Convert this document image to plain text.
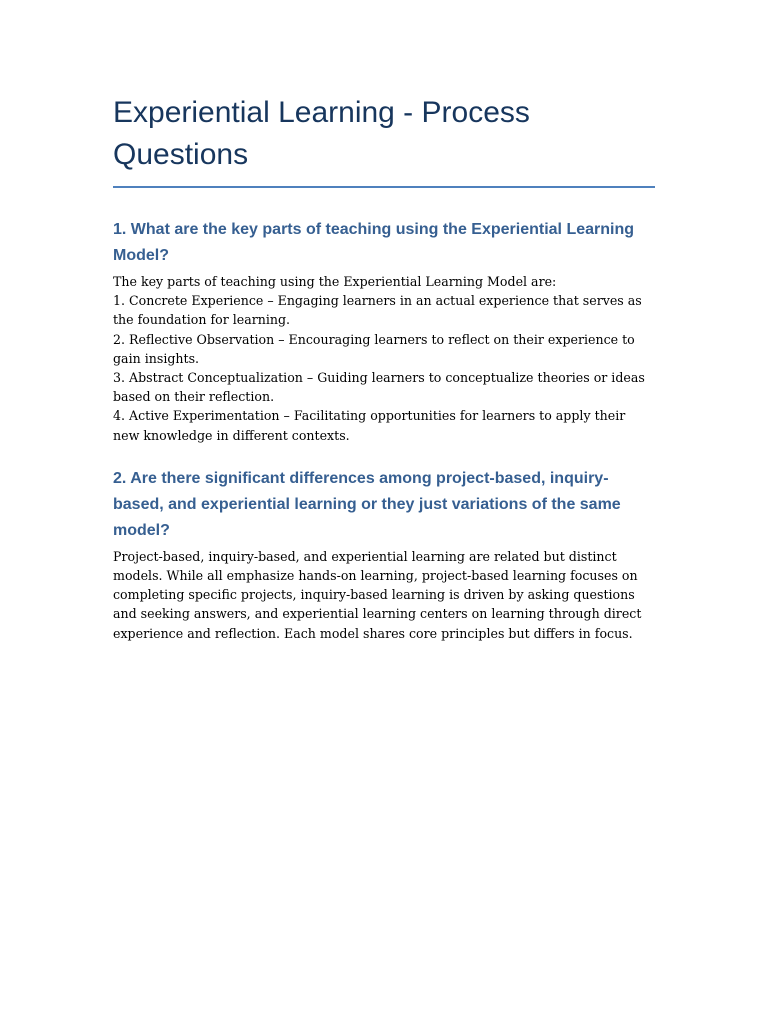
Experiential Learning - Process Questions
1. What are the key parts of teaching using the Experiential Learning Model?

The key parts of teaching using the Experiential Learning Model are:
1. Concrete Experience – Engaging learners in an actual experience that serves as the foundation for learning.
2. Reflective Observation – Encouraging learners to reflect on their experience to gain insights.
3. Abstract Conceptualization – Guiding learners to conceptualize theories or ideas based on their reflection.
4. Active Experimentation – Facilitating opportunities for learners to apply their new knowledge in different contexts.

2. Are there significant differences among project-based, inquiry-based, and experiential learning or they just variations of the same model?

Project-based, inquiry-based, and experiential learning are related but distinct models. While all emphasize hands-on learning, project-based learning focuses on completing specific projects, inquiry-based learning is driven by asking questions and seeking answers, and experiential learning centers on learning through direct experience and reflection. Each model shares core principles but differs in focus.
